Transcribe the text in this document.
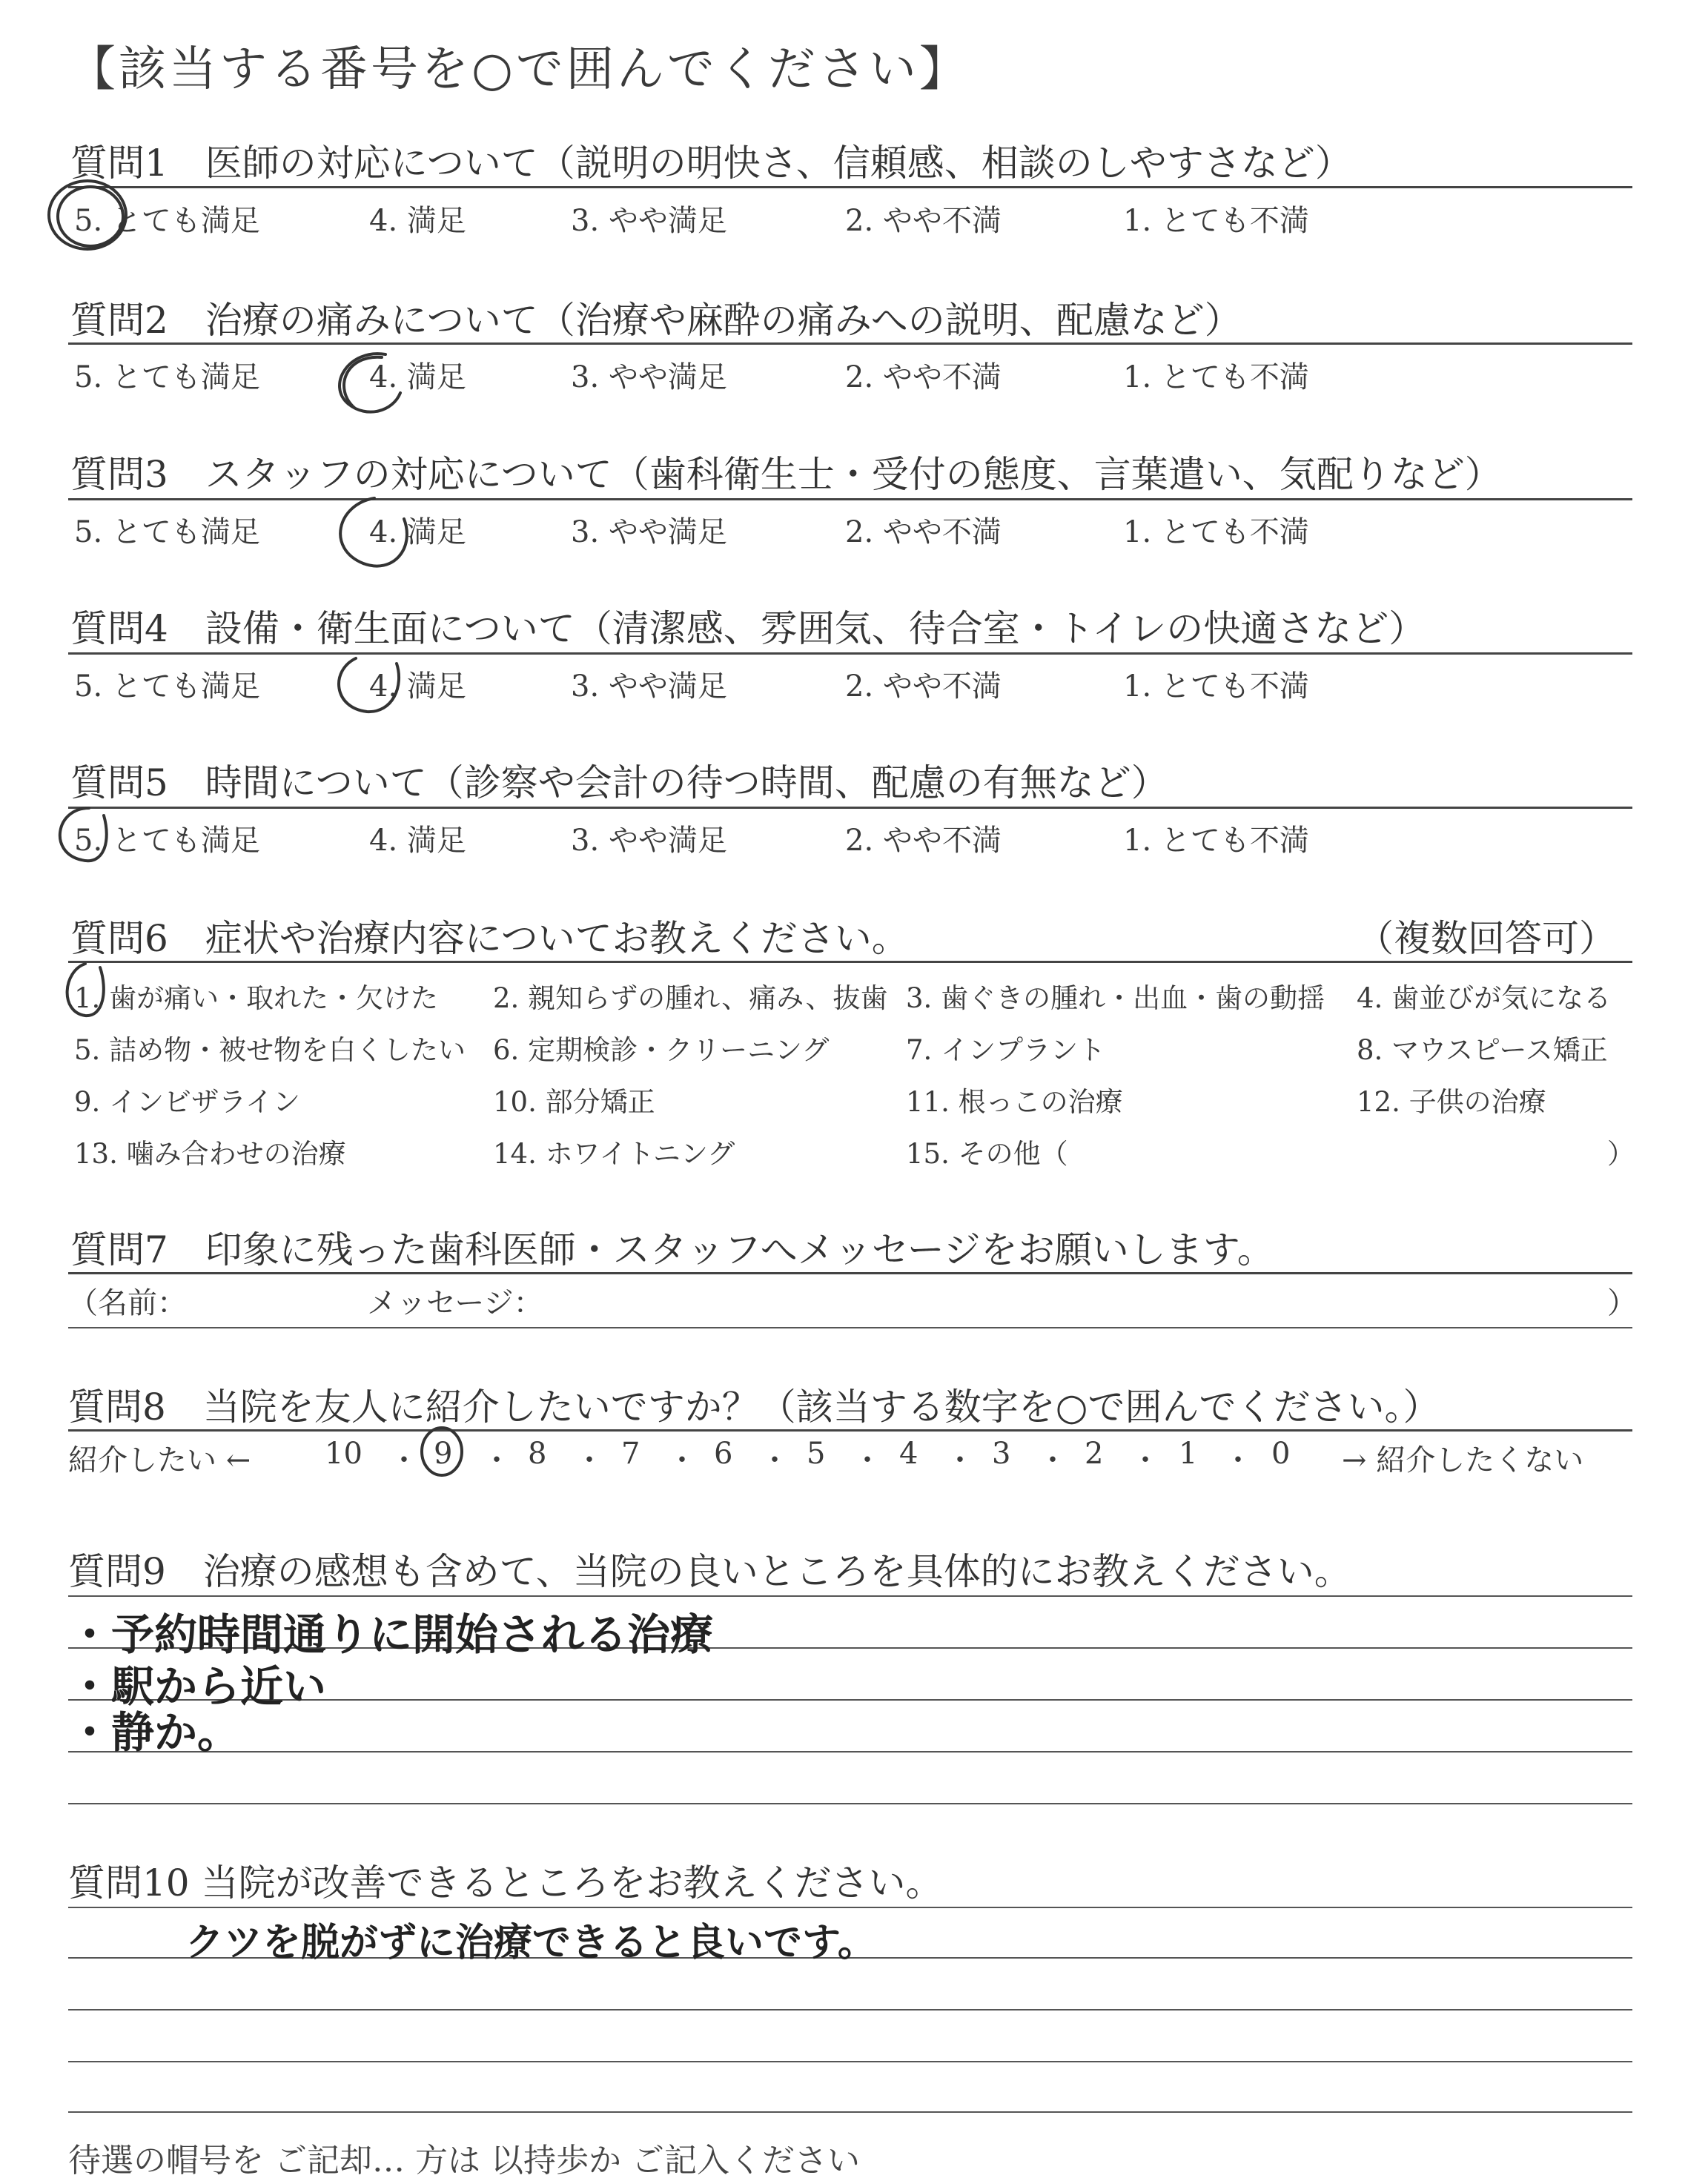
【該当する番号を○で囲んでください】
質問1　医師の対応について（説明の明快さ、信頼感、相談のしやすさなど）
5. とても満足	4. 満足	3. やや満足	2. やや不満	1. とても不満
質問2　治療の痛みについて（治療や麻酔の痛みへの説明、配慮など）
5. とても満足	4. 満足	3. やや満足	2. やや不満	1. とても不満
質問3　スタッフの対応について（歯科衛生士・受付の態度、言葉遣い、気配りなど）
5. とても満足	4. 満足	3. やや満足	2. やや不満	1. とても不満
質問4　設備・衛生面について（清潔感、雰囲気、待合室・トイレの快適さなど）
5. とても満足	4. 満足	3. やや満足	2. やや不満	1. とても不満
質問5　時間について（診察や会計の待つ時間、配慮の有無など）
5. とても満足	4. 満足	3. やや満足	2. やや不満	1. とても不満
質問6　症状や治療内容についてお教えください。	（複数回答可）
1. 歯が痛い・取れた・欠けた 2. 親知らずの腫れ、痛み、抜歯 3. 歯ぐきの腫れ・出血・歯の動揺 4. 歯並びが気になる
5. 詰め物・被せ物を白くしたい 6. 定期検診・クリーニング	7. インプラント	8. マウスピース矯正
9. インビザライン	10. 部分矯正	11. 根っこの治療	12. 子供の治療
13. 噛み合わせの治療	14. ホワイトニング	15. その他（	）
質問7　印象に残った歯科医師・スタッフへメッセージをお願いします。
（名前：	メッセージ：	）
質問8　当院を友人に紹介したいですか？（該当する数字を○で囲んでください。）
紹介したい ←	→ 紹介したくない
10 ・ 9 ・ 8 ・ 7 ・ 6 ・ 5 ・ 4 ・ 3 ・ 2 ・ 1 ・ 0
質問9　治療の感想も含めて、当院の良いところを具体的にお教えください。
・予約時間通りに開始される治療
・駅から近い
・静か。
質問10 当院が改善できるところをお教えください。
クツを脱がずに治療できると良いです。
待選の帽号を ご記却… 方は 以持歩か ご記入ください
